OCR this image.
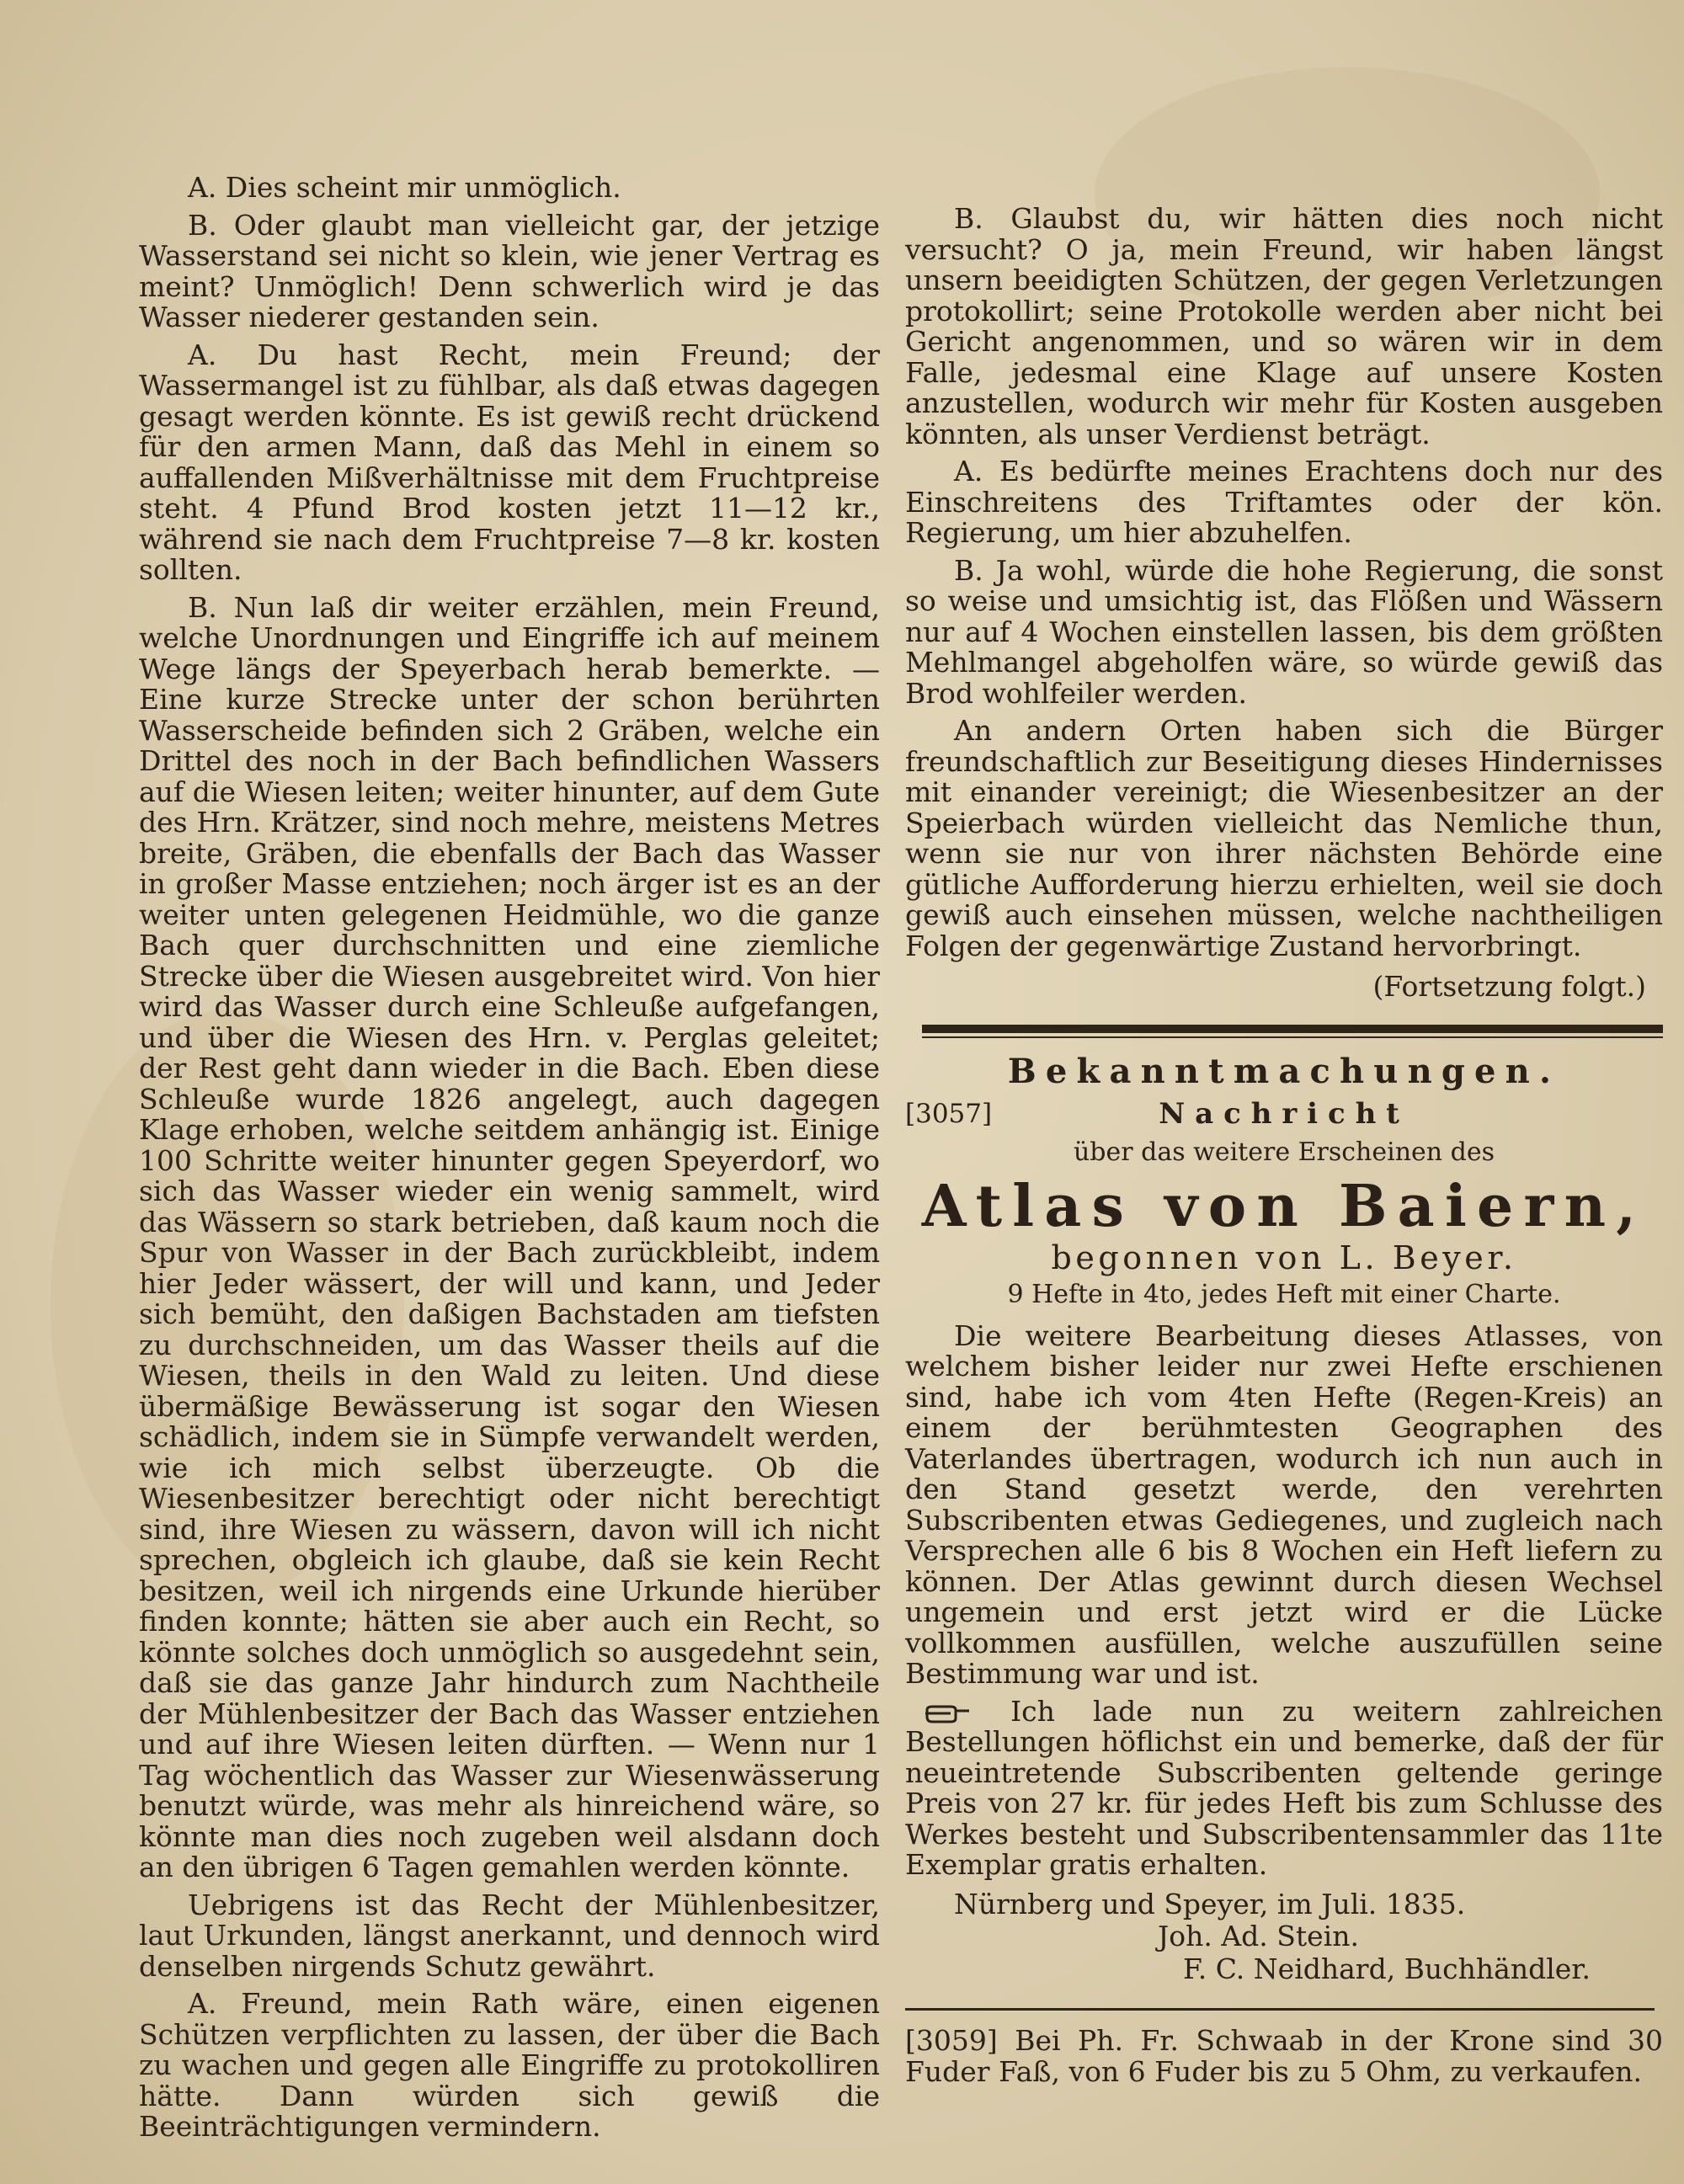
A. Dies scheint mir unmöglich.

B. Oder glaubt man vielleicht gar, der jetzige Wasserstand sei nicht so klein, wie jener Vertrag es meint? Unmöglich! Denn schwerlich wird je das Wasser niederer gestanden sein.

A. Du hast Recht, mein Freund; der Wassermangel ist zu fühlbar, als daß etwas dagegen gesagt werden könnte. Es ist gewiß recht drückend für den armen Mann, daß das Mehl in einem so auffallenden Mißverhältnisse mit dem Fruchtpreise steht. 4 Pfund Brod kosten jetzt 11—12 kr., während sie nach dem Fruchtpreise 7—8 kr. kosten sollten.

B. Nun laß dir weiter erzählen, mein Freund, welche Unordnungen und Eingriffe ich auf meinem Wege längs der Speyerbach herab bemerkte. — Eine kurze Strecke unter der schon berührten Wasserscheide befinden sich 2 Gräben, welche ein Drittel des noch in der Bach befindlichen Wassers auf die Wiesen leiten; weiter hinunter, auf dem Gute des Hrn. Krätzer, sind noch mehre, meistens Metres breite, Gräben, die ebenfalls der Bach das Wasser in großer Masse entziehen; noch ärger ist es an der weiter unten gelegenen Heidmühle, wo die ganze Bach quer durchschnitten und eine ziemliche Strecke über die Wiesen ausgebreitet wird. Von hier wird das Wasser durch eine Schleuße aufgefangen, und über die Wiesen des Hrn. v. Perglas geleitet; der Rest geht dann wieder in die Bach. Eben diese Schleuße wurde 1826 angelegt, auch dagegen Klage erhoben, welche seitdem anhängig ist. Einige 100 Schritte weiter hinunter gegen Speyerdorf, wo sich das Wasser wieder ein wenig sammelt, wird das Wässern so stark betrieben, daß kaum noch die Spur von Wasser in der Bach zurückbleibt, indem hier Jeder wässert, der will und kann, und Jeder sich bemüht, den daßigen Bachstaden am tiefsten zu durchschneiden, um das Wasser theils auf die Wiesen, theils in den Wald zu leiten. Und diese übermäßige Bewässerung ist sogar den Wiesen schädlich, indem sie in Sümpfe verwandelt werden, wie ich mich selbst überzeugte. Ob die Wiesenbesitzer berechtigt oder nicht berechtigt sind, ihre Wiesen zu wässern, davon will ich nicht sprechen, obgleich ich glaube, daß sie kein Recht besitzen, weil ich nirgends eine Urkunde hierüber finden konnte; hätten sie aber auch ein Recht, so könnte solches doch unmöglich so ausgedehnt sein, daß sie das ganze Jahr hindurch zum Nachtheile der Mühlenbesitzer der Bach das Wasser entziehen und auf ihre Wiesen leiten dürften. — Wenn nur 1 Tag wöchentlich das Wasser zur Wiesenwässerung benutzt würde, was mehr als hinreichend wäre, so könnte man dies noch zugeben weil alsdann doch an den übrigen 6 Tagen gemahlen werden könnte.

Uebrigens ist das Recht der Mühlenbesitzer, laut Urkunden, längst anerkannt, und dennoch wird denselben nirgends Schutz gewährt.

A. Freund, mein Rath wäre, einen eigenen Schützen verpflichten zu lassen, der über die Bach zu wachen und gegen alle Eingriffe zu protokolliren hätte. Dann würden sich gewiß die Beeinträchtigungen vermindern.

B. Glaubst du, wir hätten dies noch nicht versucht? O ja, mein Freund, wir haben längst unsern beeidigten Schützen, der gegen Verletzungen protokollirt; seine Protokolle werden aber nicht bei Gericht angenommen, und so wären wir in dem Falle, jedesmal eine Klage auf unsere Kosten anzustellen, wodurch wir mehr für Kosten ausgeben könnten, als unser Verdienst beträgt.

A. Es bedürfte meines Erachtens doch nur des Einschreitens des Triftamtes oder der kön. Regierung, um hier abzuhelfen.

B. Ja wohl, würde die hohe Regierung, die sonst so weise und umsichtig ist, das Flößen und Wässern nur auf 4 Wochen einstellen lassen, bis dem größten Mehlmangel abgeholfen wäre, so würde gewiß das Brod wohlfeiler werden.

An andern Orten haben sich die Bürger freundschaftlich zur Beseitigung dieses Hindernisses mit einander vereinigt; die Wiesenbesitzer an der Speierbach würden vielleicht das Nemliche thun, wenn sie nur von ihrer nächsten Behörde eine gütliche Aufforderung hierzu erhielten, weil sie doch gewiß auch einsehen müssen, welche nachtheiligen Folgen der gegenwärtige Zustand hervorbringt.

(Fortsetzung folgt.)
Bekanntmachungen.
[3057]	Nachricht
über das weitere Erscheinen des
Atlas von Baiern,
begonnen von L. Beyer.
9 Hefte in 4to, jedes Heft mit einer Charte.

Die weitere Bearbeitung dieses Atlasses, von welchem bisher leider nur zwei Hefte erschienen sind, habe ich vom 4ten Hefte (Regen-Kreis) an einem der berühmtesten Geographen des Vaterlandes übertragen, wodurch ich nun auch in den Stand gesetzt werde, den verehrten Subscribenten etwas Gediegenes, und zugleich nach Versprechen alle 6 bis 8 Wochen ein Heft liefern zu können. Der Atlas gewinnt durch diesen Wechsel ungemein und erst jetzt wird er die Lücke vollkommen ausfüllen, welche auszufüllen seine Bestimmung war und ist.

Ich lade nun zu weitern zahlreichen Bestellungen höflichst ein und bemerke, daß der für neueintretende Subscribenten geltende geringe Preis von 27 kr. für jedes Heft bis zum Schlusse des Werkes besteht und Subscribentensammler das 11te Exemplar gratis erhalten.

Nürnberg und Speyer, im Juli. 1835.
Joh. Ad. Stein.
F. C. Neidhard, Buchhändler.

[3059] Bei Ph. Fr. Schwaab in der Krone sind 30 Fuder Faß, von 6 Fuder bis zu 5 Ohm, zu verkaufen.
